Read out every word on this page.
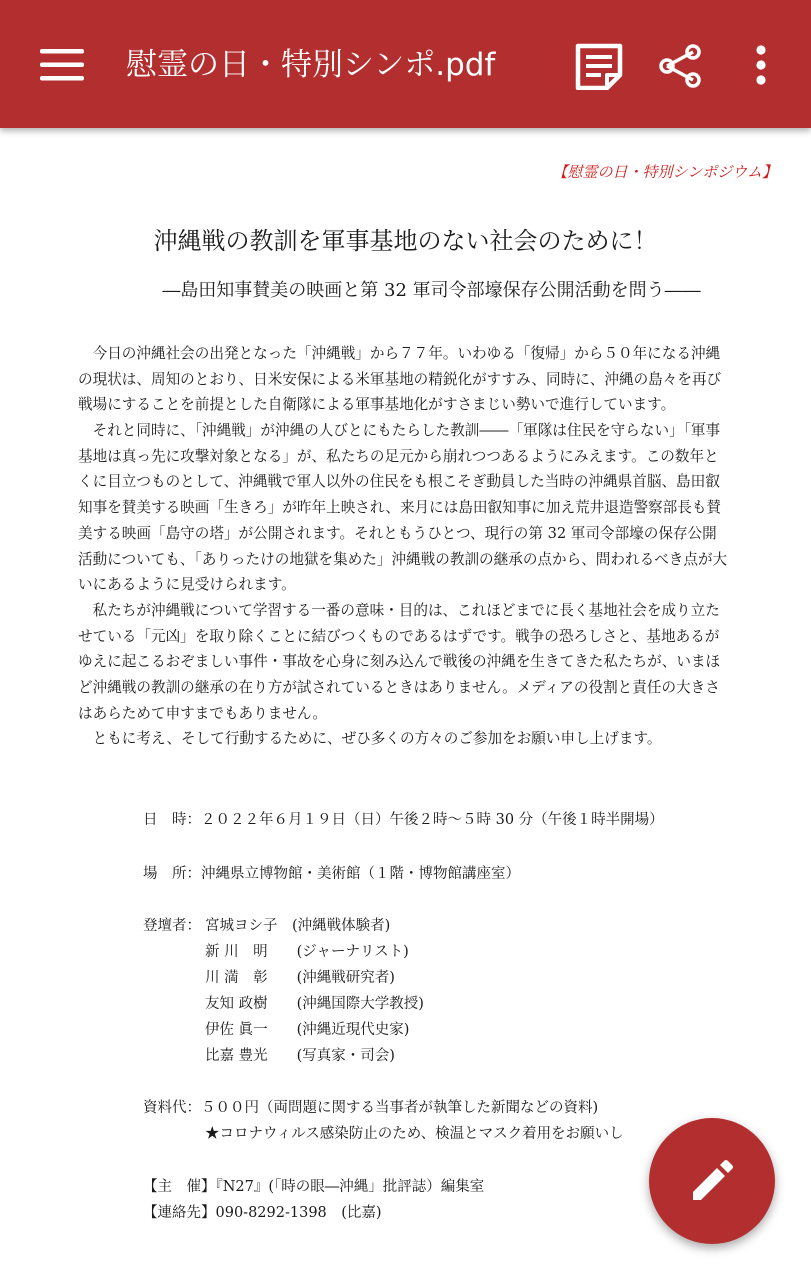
慰霊の日・特別シンポ.pdf
【慰霊の日・特別シンポジウム】
沖縄戦の教訓を軍事基地のない社会のために！
―島田知事賛美の映画と第 32 軍司令部壕保存公開活動を問う――
　今日の沖縄社会の出発となった「沖縄戦」から７７年。いわゆる「復帰」から５０年になる沖縄
の現状は、周知のとおり、日米安保による米軍基地の精鋭化がすすみ、同時に、沖縄の島々を再び
戦場にすることを前提とした自衛隊による軍事基地化がすさまじい勢いで進行しています。
　それと同時に、「沖縄戦」が沖縄の人びとにもたらした教訓――「軍隊は住民を守らない」「軍事
基地は真っ先に攻撃対象となる」が、私たちの足元から崩れつつあるようにみえます。この数年と
くに目立つものとして、沖縄戦で軍人以外の住民をも根こそぎ動員した当時の沖縄県首脳、島田叡
知事を賛美する映画「生きろ」が昨年上映され、来月には島田叡知事に加え荒井退造警察部長も賛
美する映画「島守の塔」が公開されます。それともうひとつ、現行の第 32 軍司令部壕の保存公開
活動についても、「ありったけの地獄を集めた」沖縄戦の教訓の継承の点から、問われるべき点が大
いにあるように見受けられます。
　私たちが沖縄戦について学習する一番の意味・目的は、これほどまでに長く基地社会を成り立た
せている「元凶」を取り除くことに結びつくものであるはずです。戦争の恐ろしさと、基地あるが
ゆえに起こるおぞましい事件・事故を心身に刻み込んで戦後の沖縄を生きてきた私たちが、いまほ
ど沖縄戦の教訓の継承の在り方が試されているときはありません。メディアの役割と責任の大きさ
はあらためて申すまでもありません。
　ともに考え、そして行動するために、ぜひ多くの方々のご参加をお願い申し上げます。
日　時：２０２２年６月１９日（日）午後２時～５時 30 分（午後１時半開場）
場　所：沖縄県立博物館・美術館（１階・博物館講座室）
登壇者： 宮城ヨシ子　(沖縄戦体験者)
新 川　明　　(ジャーナリスト)
川 満　彰　　(沖縄戦研究者)
友知 政樹　　(沖縄国際大学教授)
伊佐 眞一　　(沖縄近現代史家)
比嘉 豊光　　(写真家・司会)
資料代：５００円（両問題に関する当事者が執筆した新聞などの資料)
★コロナウィルス感染防止のため、検温とマスク着用をお願いし
【主　催】『N27』(「時の眼―沖縄」批評誌）編集室
【連絡先】090-8292-1398　(比嘉)
